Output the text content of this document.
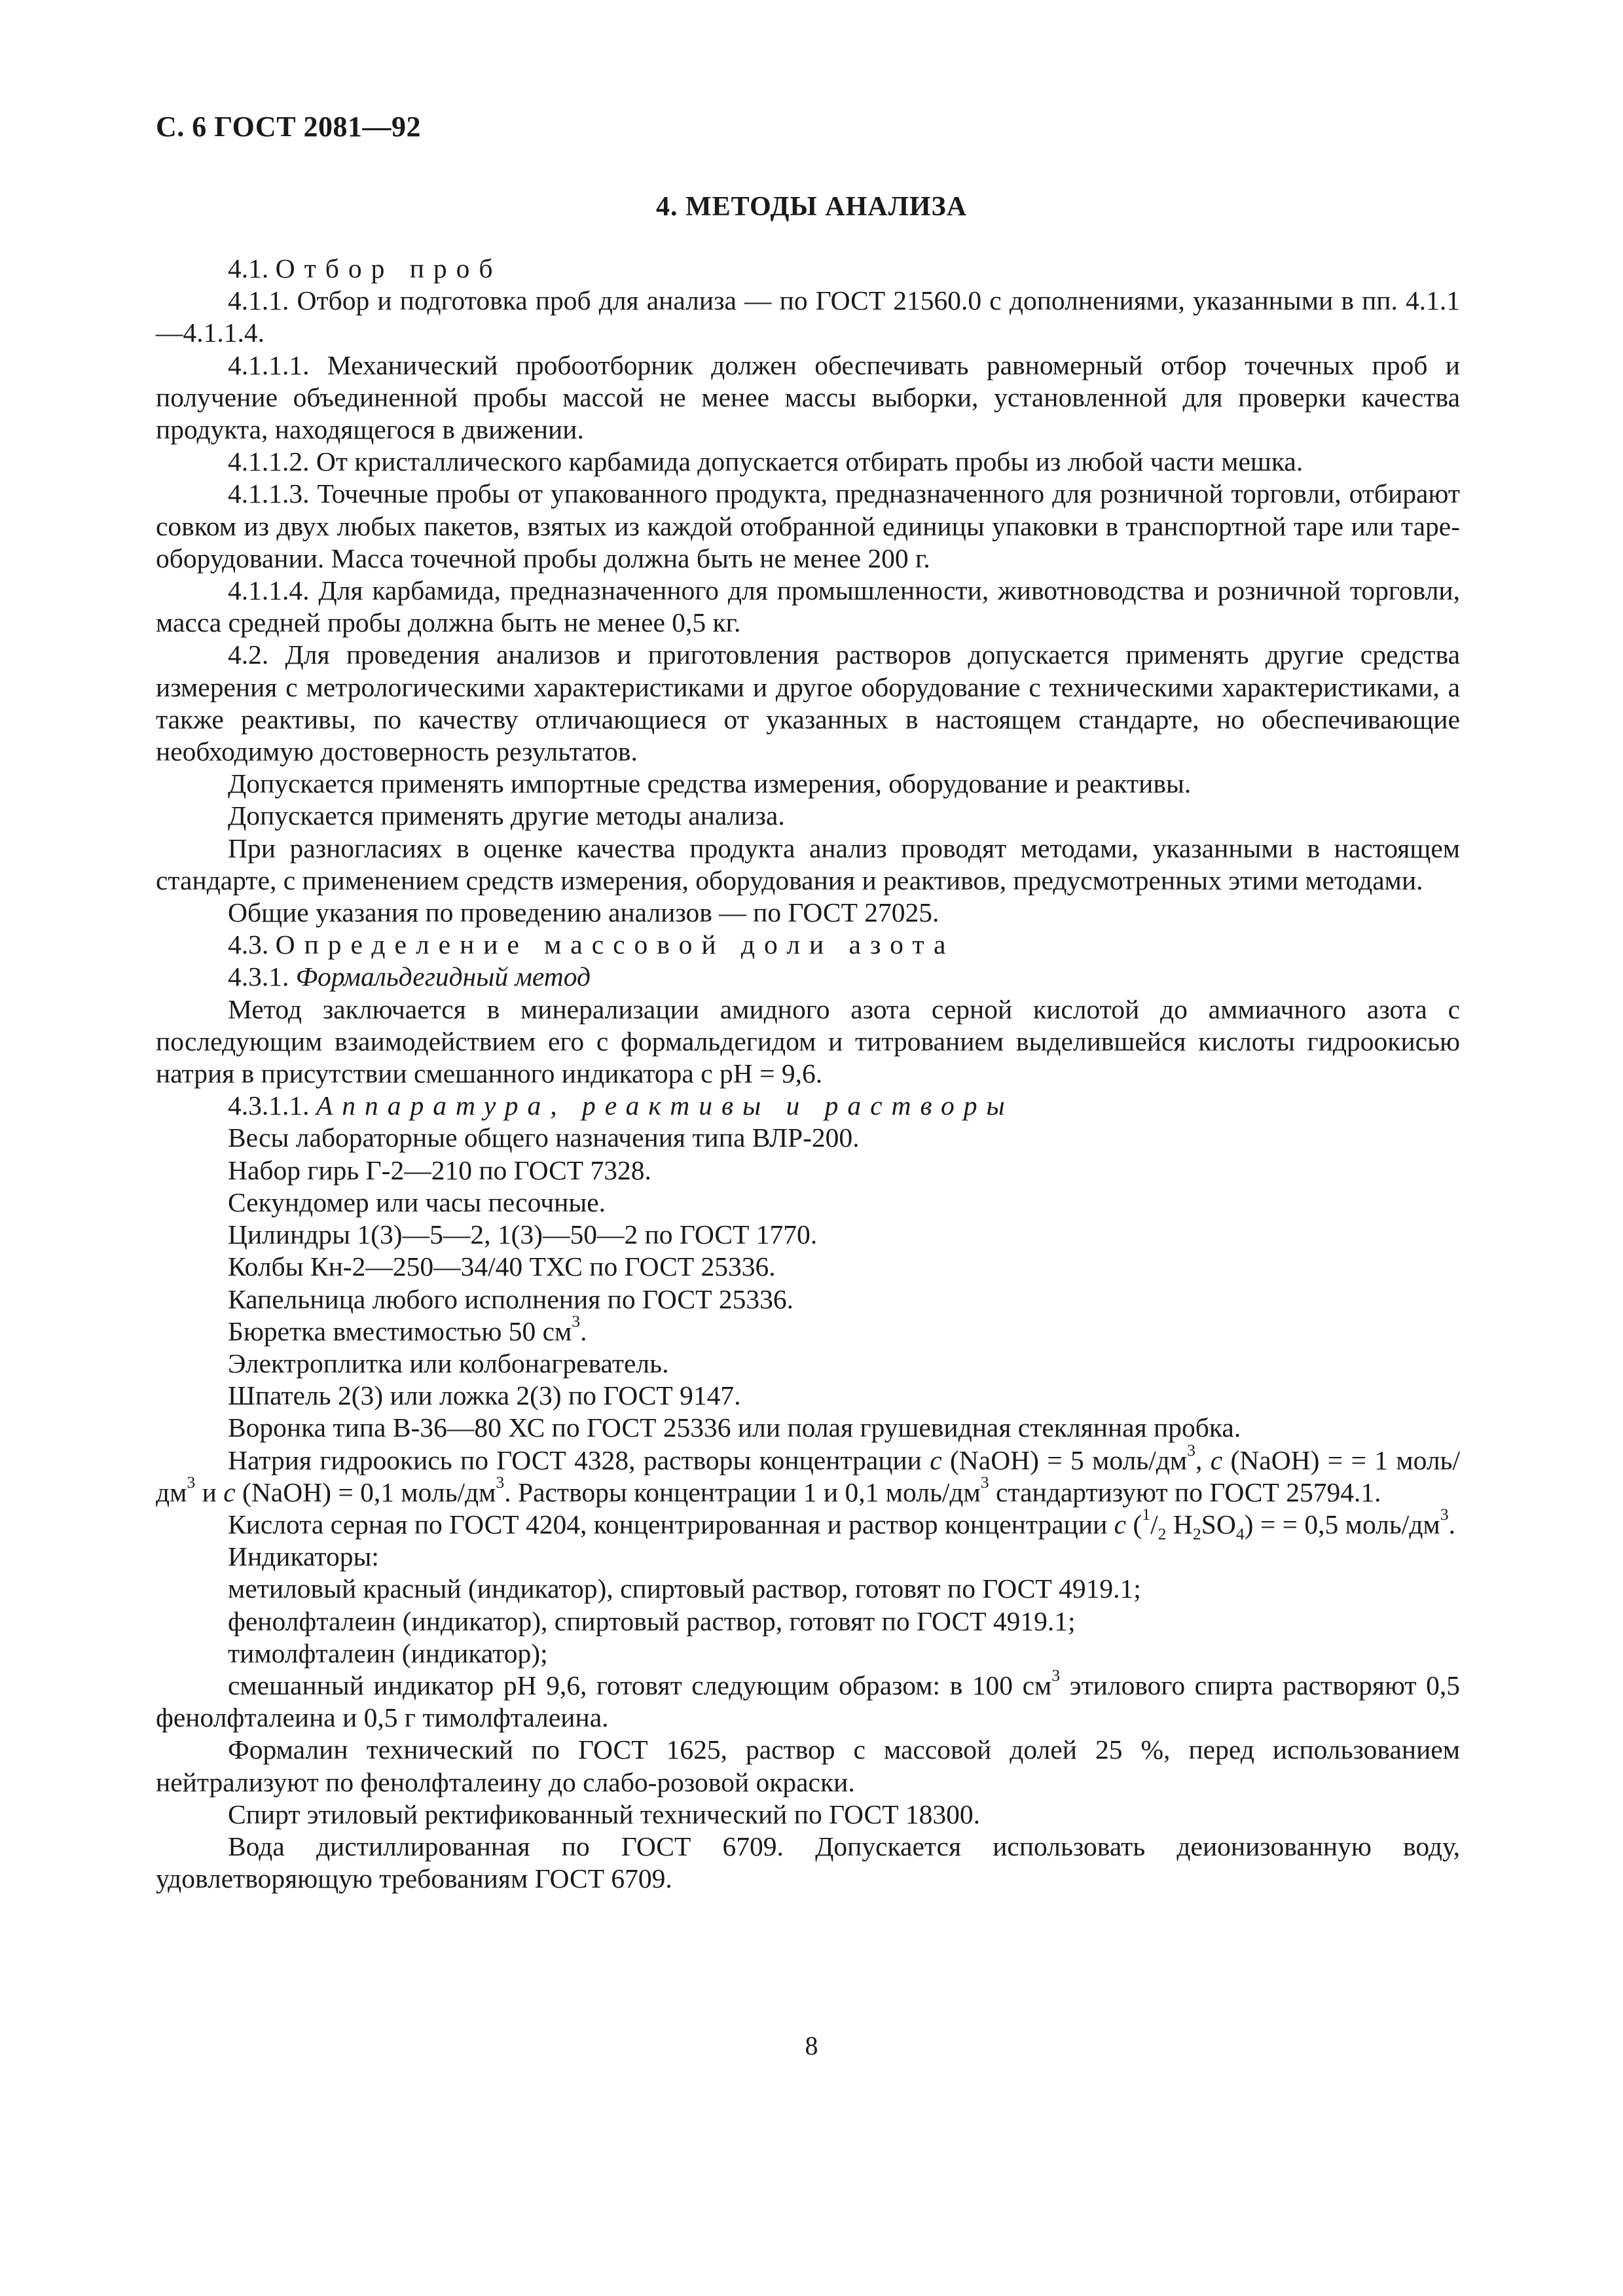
С. 6 ГОСТ 2081—92
4. МЕТОДЫ АНАЛИЗА

4.1. Отбор проб

4.1.1. Отбор и подготовка проб для анализа — по ГОСТ 21560.0 с дополнениями, указанными в пп. 4.1.1—4.1.1.4.

4.1.1.1. Механический пробоотборник должен обеспечивать равномерный отбор точечных проб и получение объединенной пробы массой не менее массы выборки, установленной для проверки качества продукта, находящегося в движении.

4.1.1.2. От кристаллического карбамида допускается отбирать пробы из любой части мешка.

4.1.1.3. Точечные пробы от упакованного продукта, предназначенного для розничной торговли, отбирают совком из двух любых пакетов, взятых из каждой отобранной единицы упаковки в транспортной таре или таре-оборудовании. Масса точечной пробы должна быть не менее 200 г.

4.1.1.4. Для карбамида, предназначенного для промышленности, животноводства и розничной торговли, масса средней пробы должна быть не менее 0,5 кг.

4.2. Для проведения анализов и приготовления растворов допускается применять другие средства измерения с метрологическими характеристиками и другое оборудование с техническими характеристиками, а также реактивы, по качеству отличающиеся от указанных в настоящем стандарте, но обеспечивающие необходимую достоверность результатов.

Допускается применять импортные средства измерения, оборудование и реактивы.

Допускается применять другие методы анализа.

При разногласиях в оценке качества продукта анализ проводят методами, указанными в настоящем стандарте, с применением средств измерения, оборудования и реактивов, предусмотренных этими методами.

Общие указания по проведению анализов — по ГОСТ 27025.

4.3. Определение массовой доли азота

4.3.1. Формальдегидный метод

Метод заключается в минерализации амидного азота серной кислотой до аммиачного азота с последующим взаимодействием его с формальдегидом и титрованием выделившейся кислоты гидроокисью натрия в присутствии смешанного индикатора с рН = 9,6.

4.3.1.1. Аппаратура, реактивы и растворы

Весы лабораторные общего назначения типа ВЛР-200.

Набор гирь Г-2—210 по ГОСТ 7328.

Секундомер или часы песочные.

Цилиндры 1(3)—5—2, 1(3)—50—2 по ГОСТ 1770.

Колбы Кн-2—250—34/40 ТХС по ГОСТ 25336.

Капельница любого исполнения по ГОСТ 25336.

Бюретка вместимостью 50 $см^3$.

Электроплитка или колбонагреватель.

Шпатель 2(3) или ложка 2(3) по ГОСТ 9147.

Воронка типа В-36—80 ХС по ГОСТ 25336 или полая грушевидная стеклянная пробка.

Натрия гидроокись по ГОСТ 4328, растворы концентрации c (NaOH) = 5 моль/$дм^3$, c (NaOH) = = 1 моль/$дм^3$ и c (NaOH) = 0,1 моль/$дм^3$. Растворы концентрации 1 и 0,1 моль/$дм^3$ стандартизуют по ГОСТ 25794.1.

Кислота серная по ГОСТ 4204, концентрированная и раствор концентрации c ($^1/_2$ $H_2SO_4$) = = 0,5 моль/$дм^3$.

Индикаторы:

метиловый красный (индикатор), спиртовый раствор, готовят по ГОСТ 4919.1;

фенолфталеин (индикатор), спиртовый раствор, готовят по ГОСТ 4919.1;

тимолфталеин (индикатор);

смешанный индикатор рН 9,6, готовят следующим образом: в 100 $см^3$ этилового спирта растворяют 0,5 фенолфталеина и 0,5 г тимолфталеина.

Формалин технический по ГОСТ 1625, раствор с массовой долей 25 %, перед использованием нейтрализуют по фенолфталеину до слабо-розовой окраски.

Спирт этиловый ректификованный технический по ГОСТ 18300.

Вода дистиллированная по ГОСТ 6709. Допускается использовать деионизованную воду, удовлетворяющую требованиям ГОСТ 6709.

8
